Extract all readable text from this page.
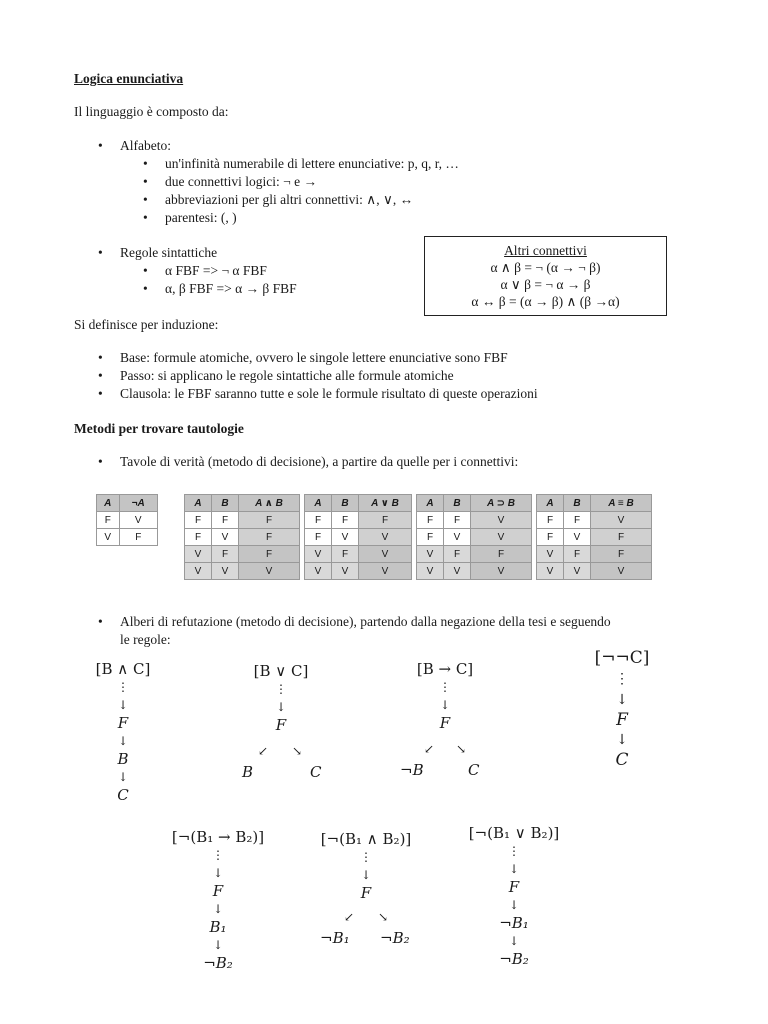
Logica enunciativa
Il linguaggio è composto da:
• Alfabeto:
• un'infinità numerabile di lettere enunciative: p, q, r, …
• due connettivi logici: ¬ e →
• abbreviazioni per gli altri connettivi: ∧, ∨, ↔
• parentesi: (, )
• Regole sintattiche
• α FBF => ¬ α FBF
• α, β FBF => α → β FBF
Altri connettivi
α ∧ β = ¬ (α → ¬ β)
α ∨ β = ¬ α → β
α ↔ β = (α → β) ∧ (β →α)
Si definisce per induzione:
• Base: formule atomiche, ovvero le singole lettere enunciative sono FBF
• Passo: si applicano le regole sintattiche alle formule atomiche
• Clausola: le FBF saranno tutte e sole le formule risultato di queste operazioni
Metodi per trovare tautologie
• Tavole di verità (metodo di decisione), a partire da quelle per i connettivi:
A	¬A
F	V
V	F
A	B	A ∧ B
F	F	F
F	V	F
V	F	F
V	V	V
A	B	A ∨ B
F	F	F
F	V	V
V	F	V
V	V	V
A	B	A ⊃ B
F	F	V
F	V	V
V	F	F
V	V	V
A	B	A ≡ B
F	F	V
F	V	F
V	F	F
V	V	V
• Alberi di refutazione (metodo di decisione), partendo dalla negazione della tesi e seguendo
le regole:
[B ∧ C]
⋮
↓
F
↓
B
↓
C
[B ∨ C]
⋮
↓
F
↙ ↘
B	C
[B → C]
⋮
↓
F
↙ ↘
¬B	C
[¬¬C]
⋮
↓
F
↓
C
[¬(B₁ → B₂)]
⋮
↓
F
↓
B₁
↓
¬B₂
[¬(B₁ ∧ B₂)]
⋮
↓
F
↙ ↘
¬B₁ ¬B₂
[¬(B₁ ∨ B₂)]
⋮
↓
F
↓
¬B₁
↓
¬B₂
